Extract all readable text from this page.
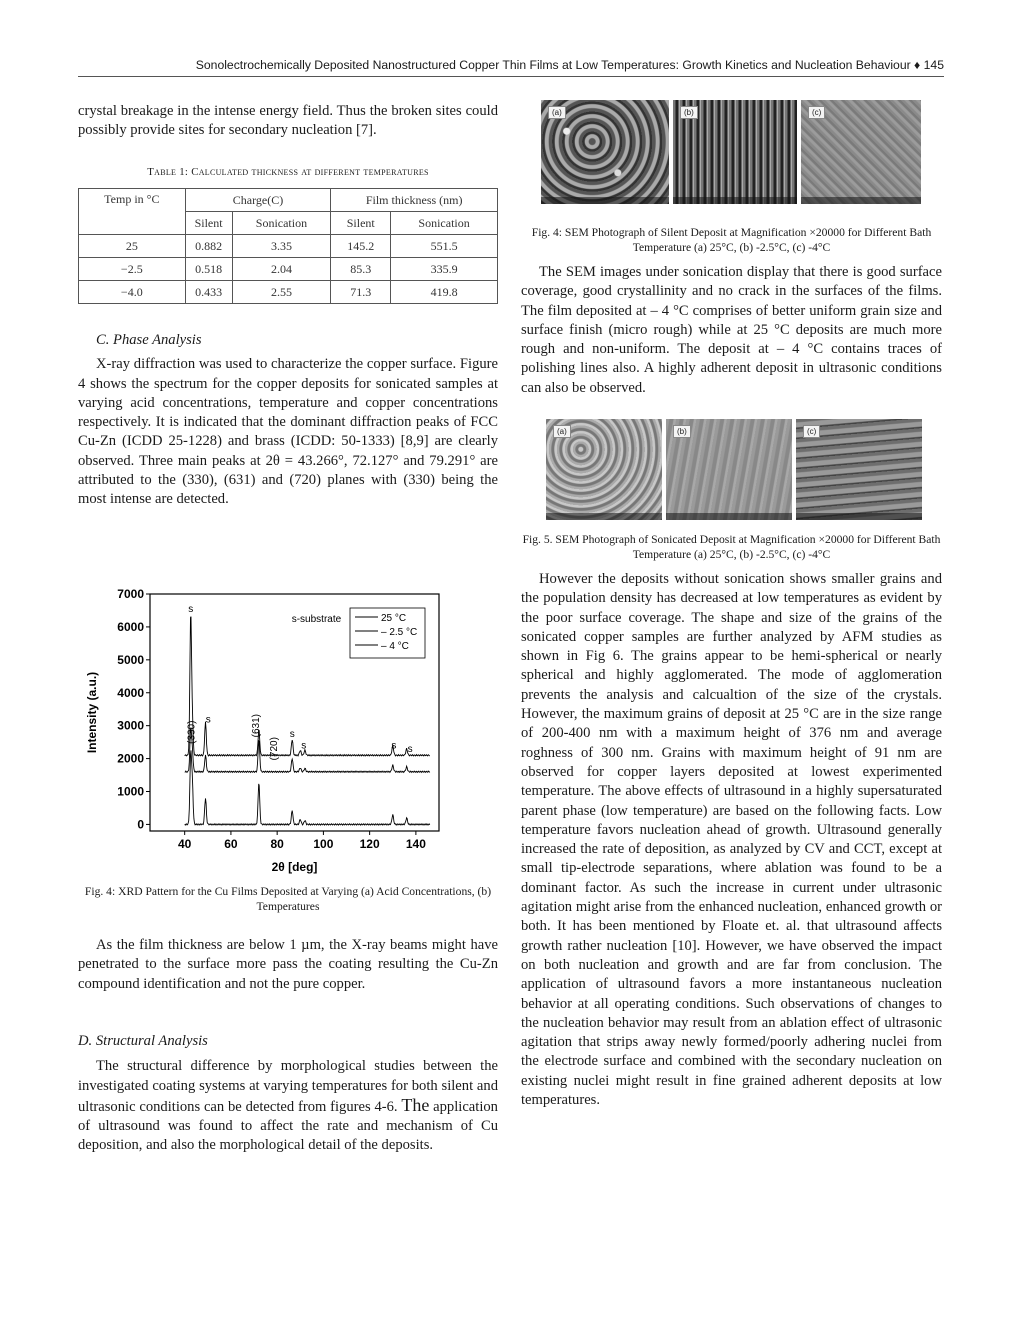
Sonolectrochemically Deposited Nanostructured Copper Thin Films at Low Temperatures: Growth Kinetics and Nucleation Behaviour ♦ 145

crystal breakage in the intense energy field. Thus the broken sites could possibly provide sites for secondary nucleation [7].

Table 1: Calculated thickness at different temperatures
Temp in °C	Charge(C)		Film thickness (nm)	
	Silent	Sonication	Silent	Sonication
25	0.882	3.35	145.2	551.5
−2.5	0.518	2.04	85.3	335.9
−4.0	0.433	2.55	71.3	419.8

C. Phase Analysis

X-ray diffraction was used to characterize the copper surface. Figure 4 shows the spectrum for the copper deposits for sonicated samples at varying acid concentrations, temperature and copper concentrations respectively. It is indicated that the dominant diffraction peaks of FCC Cu-Zn (ICDD 25-1228) and brass (ICDD: 50-1333) [8,9] are clearly observed. Three main peaks at 2θ = 43.266°, 72.127° and 79.291° are attributed to the (330), (631) and (720) planes with (330) being the most intense are detected.

0
1000
2000
3000
4000
5000
6000
7000
40	60	80 100 120 140
2θ [deg]
Intensity (a.u.)
25 °C
– 2.5 °C
– 4 °C
s-substrate
s
(330)
s	(631)
(720)
s
s	s s
Fig. 4: XRD Pattern for the Cu Films Deposited at Varying (a) Acid Concentrations, (b) Temperatures

As the film thickness are below 1 µm, the X-ray beams might have penetrated to the surface more pass the coating resulting the Cu-Zn compound identification and not the pure copper.

D. Structural Analysis

The structural difference by morphological studies between the investigated coating systems at varying temperatures for both silent and ultrasonic conditions can be detected from figures 4-6. The application of ultrasound was found to affect the rate and mechanism of Cu deposition, and also the morphological detail of the deposits.

(a)	(b)	(c)
Fig. 4: SEM Photograph of Silent Deposit at Magnification ×20000 for Different Bath Temperature (a) 25°C, (b) -2.5°C, (c) -4°C

The SEM images under sonication display that there is good surface coverage, good crystallinity and no crack in the surfaces of the films. The film deposited at – 4 °C comprises of better uniform grain size and surface finish (micro rough) while at 25 °C deposits are much more rough and non-uniform. The deposit at – 4 °C contains traces of polishing lines also. A highly adherent deposit in ultrasonic conditions can also be observed.

(a)	(b)	(c)
Fig. 5. SEM Photograph of Sonicated Deposit at Magnification ×20000 for Different Bath Temperature (a) 25°C, (b) -2.5°C, (c) -4°C

However the deposits without sonication shows smaller grains and the population density has decreased at low temperatures as evident by the poor surface coverage. The shape and size of the grains of the sonicated copper samples are further analyzed by AFM studies as shown in Fig 6. The grains appear to be hemi-spherical or nearly spherical and highly agglomerated. The mode of agglomeration prevents the analysis and calcualtion of the size of the crystals. However, the maximum grains of deposit at 25 °C are in the size range of 200-400 nm with a maximum height of 376 nm and average roghness of 300 nm. Grains with maximum height of 91 nm are observed for copper layers deposited at lowest experimented temperature. The above effects of ultrasound in a highly supersaturated parent phase (low temperature) are based on the following facts. Low temperature favors nucleation ahead of growth. Ultrasound generally increased the rate of deposition, as analyzed by CV and CCT, except at small tip-electrode separations, where ablation was found to be a dominant factor. As such the increase in current under ultrasonic agitation might arise from the enhanced nucleation, enhanced growth or both. It has been mentioned by Floate et. al. that ultrasound affects growth rather nucleation [10]. However, we have observed the impact on both nucleation and growth and are far from conclusion. The application of ultrasound favors a more instantaneous nucleation behavior at all operating conditions. Such observations of changes to the nucleation behavior may result from an ablation effect of ultrasonic agitation that strips away newly formed/poorly adhering nuclei from the electrode surface and combined with the secondary nucleation on existing nuclei might result in fine grained adherent deposits at low temperatures.
